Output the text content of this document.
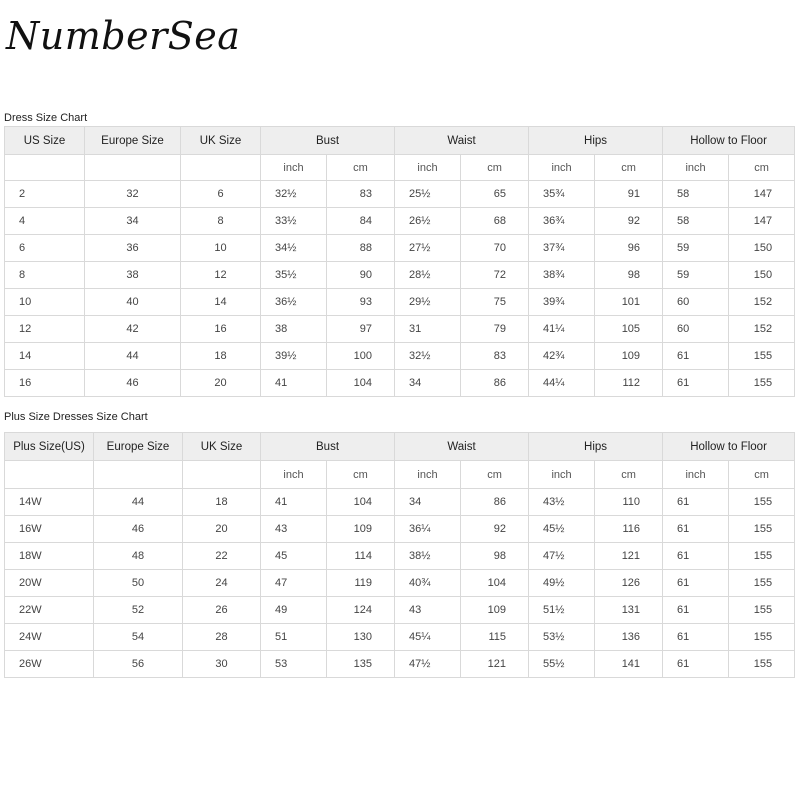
NumberSea
Dress Size Chart
US Size	Europe Size	UK Size	Bust		Waist		Hips		Hollow to Floor	
			inch	cm	inch	cm	inch	cm	inch	cm
2	32	6	32½	83	25½	65	35¾	91	58	147
4	34	8	33½	84	26½	68	36¾	92	58	147
6	36	10	34½	88	27½	70	37¾	96	59	150
8	38	12	35½	90	28½	72	38¾	98	59	150
10	40	14	36½	93	29½	75	39¾	101	60	152
12	42	16	38	97	31	79	41¼	105	60	152
14	44	18	39½	100	32½	83	42¾	109	61	155
16	46	20	41	104	34	86	44¼	112	61	155
Plus Size Dresses Size Chart
Plus Size(US)	Europe Size	UK Size	Bust		Waist		Hips		Hollow to Floor	
			inch	cm	inch	cm	inch	cm	inch	cm
14W	44	18	41	104	34	86	43½	110	61	155
16W	46	20	43	109	36¼	92	45½	116	61	155
18W	48	22	45	114	38½	98	47½	121	61	155
20W	50	24	47	119	40¾	104	49½	126	61	155
22W	52	26	49	124	43	109	51½	131	61	155
24W	54	28	51	130	45¼	115	53½	136	61	155
26W	56	30	53	135	47½	121	55½	141	61	155
